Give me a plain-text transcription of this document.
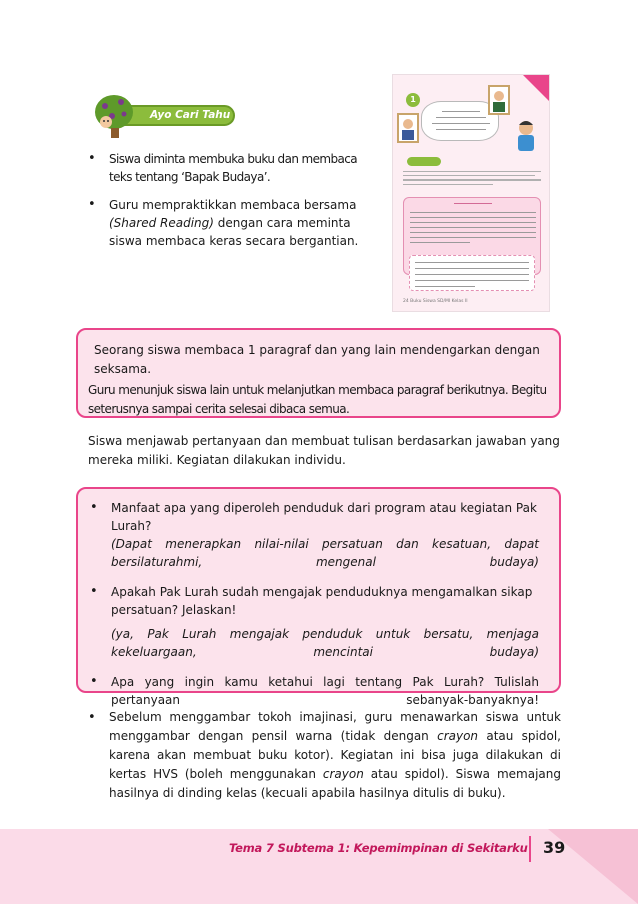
Ayo Cari Tahu
• Siswa diminta membuka buku dan membaca teks tentang ‘Bapak Budaya’.
• Guru mempraktikkan membaca bersama (Shared Reading) dengan cara meminta siswa membaca keras secara bergantian.
1
24 Buku Siswa SD/MI Kelas II

Seorang siswa membaca 1 paragraf dan yang lain mendengarkan dengan seksama.

Guru menunjuk siswa lain untuk melanjutkan membaca paragraf berikutnya. Begitu seterusnya sampai cerita selesai dibaca semua.

Siswa menjawab pertanyaan dan membuat tulisan berdasarkan jawaban yang mereka miliki. Kegiatan dilakukan individu.

• Manfaat apa yang diperoleh penduduk dari program atau kegiatan Pak Lurah?
(Dapat menerapkan nilai-nilai persatuan dan kesatuan, dapat bersilaturahmi, mengenal budaya)
• Apakah Pak Lurah sudah mengajak penduduknya mengamalkan sikap persatuan? Jelaskan!
(ya, Pak Lurah mengajak penduduk untuk bersatu, menjaga kekeluargaan, mencintai budaya)
• Apa yang ingin kamu ketahui lagi tentang Pak Lurah? Tulislah pertanyaan sebanyak-banyaknya!
• Sebelum menggambar tokoh imajinasi, guru menawarkan siswa untuk menggambar dengan pensil warna (tidak dengan crayon atau spidol, karena akan membuat buku kotor). Kegiatan ini bisa juga dilakukan di kertas HVS (boleh menggunakan crayon atau spidol). Siswa memajang hasilnya di dinding kelas (kecuali apabila hasilnya ditulis di buku).
Tema 7 Subtema 1: Kepemimpinan di Sekitarku 39
